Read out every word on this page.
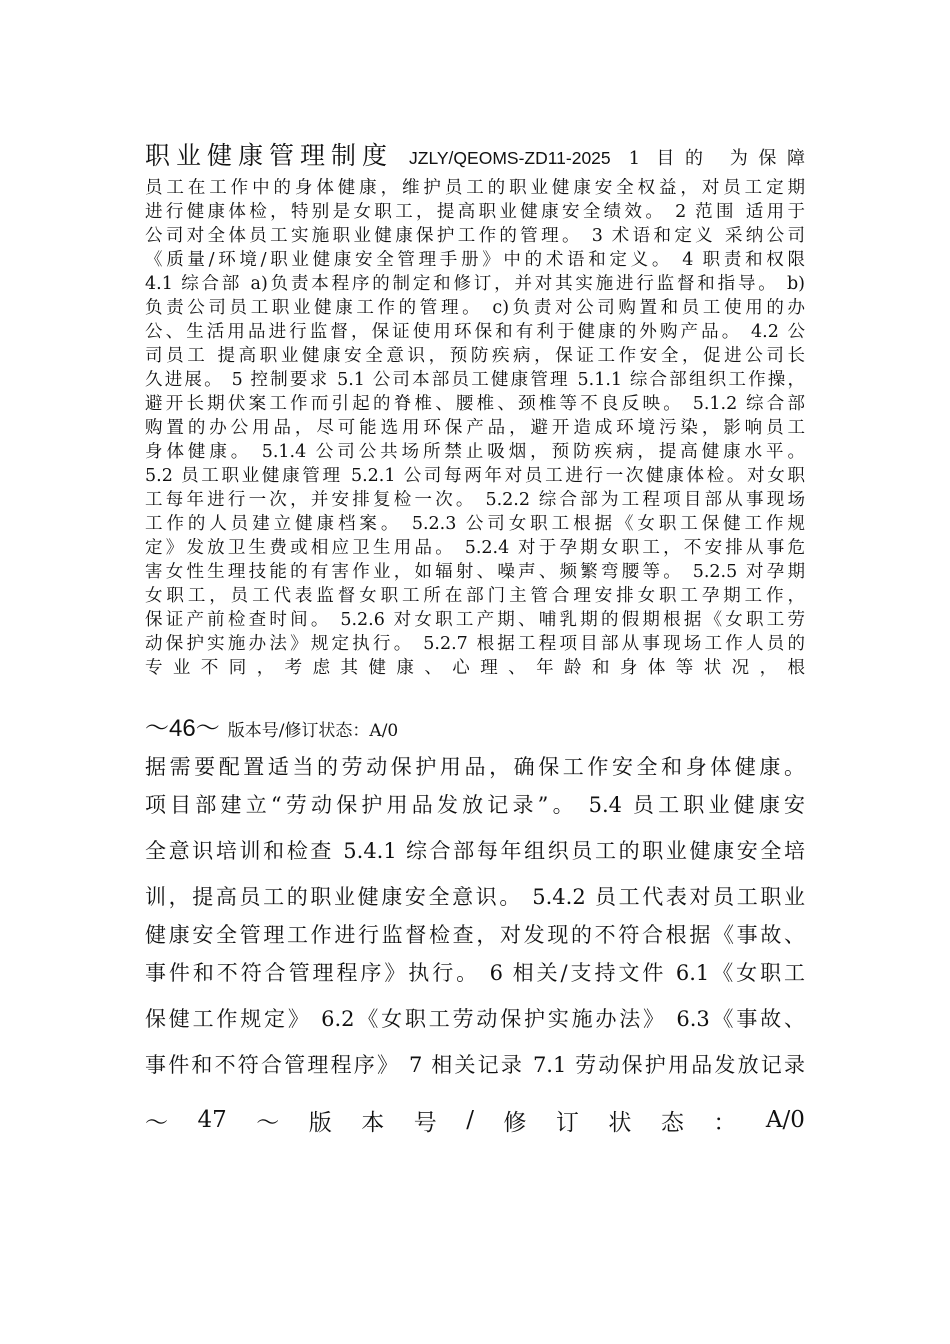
职业健康管理制度 JZLY/QEOMS-ZD11-2025 1 目的 为保障
员工在工作中的身体健康，维护员工的职业健康安全权益，对员工定期
进行健康体检，特别是女职工，提高职业健康安全绩效。 2 范围 适用于
公司对全体员工实施职业健康保护工作的管理。 3 术语和定义 采纳公司
《质量/环境/职业健康安全管理手册》中的术语和定义。 4 职责和权限
4.1 综合部 a)负责本程序的制定和修订，并对其实施进行监督和指导。 b)
负责公司员工职业健康工作的管理。 c)负责对公司购置和员工使用的办
公、生活用品进行监督，保证使用环保和有利于健康的外购产品。 4.2 公
司员工 提高职业健康安全意识，预防疾病，保证工作安全，促进公司长
久进展。 5 控制要求 5.1 公司本部员工健康管理 5.1.1 综合部组织工作操，
避开长期伏案工作而引起的脊椎、腰椎、颈椎等不良反映。 5.1.2 综合部
购置的办公用品，尽可能选用环保产品，避开造成环境污染，影响员工
身体健康。 5.1.4 公司公共场所禁止吸烟，预防疾病，提高健康水平。
5.2 员工职业健康管理 5.2.1 公司每两年对员工进行一次健康体检。对女职
工每年进行一次，并安排复检一次。 5.2.2 综合部为工程项目部从事现场
工作的人员建立健康档案。 5.2.3 公司女职工根据《女职工保健工作规
定》发放卫生费或相应卫生用品。 5.2.4 对于孕期女职工，不安排从事危
害女性生理技能的有害作业，如辐射、噪声、频繁弯腰等。 5.2.5 对孕期
女职工，员工代表监督女职工所在部门主管合理安排女职工孕期工作，
保证产前检查时间。 5.2.6 对女职工产期、哺乳期的假期根据《女职工劳
动保护实施办法》规定执行。 5.2.7 根据工程项目部从事现场工作人员的
专业不同，考虑其健康、心理、年龄和身体等状况，根
～46～ 版本号/修订状态：A/0
据需要配置适当的劳动保护用品，确保工作安全和身体健康。
项目部建立“劳动保护用品发放记录”。 5.4 员工职业健康安
全意识培训和检查 5.4.1 综合部每年组织员工的职业健康安全培
训，提高员工的职业健康安全意识。 5.4.2 员工代表对员工职业
健康安全管理工作进行监督检查，对发现的不符合根据《事故、
事件和不符合管理程序》执行。 6 相关/支持文件 6.1《女职工
保健工作规定》 6.2《女职工劳动保护实施办法》 6.3《事故、
事件和不符合管理程序》 7 相关记录 7.1 劳动保护用品发放记录
～ 47 ～ 版 本 号 / 修 订 状 态 ： A/0
